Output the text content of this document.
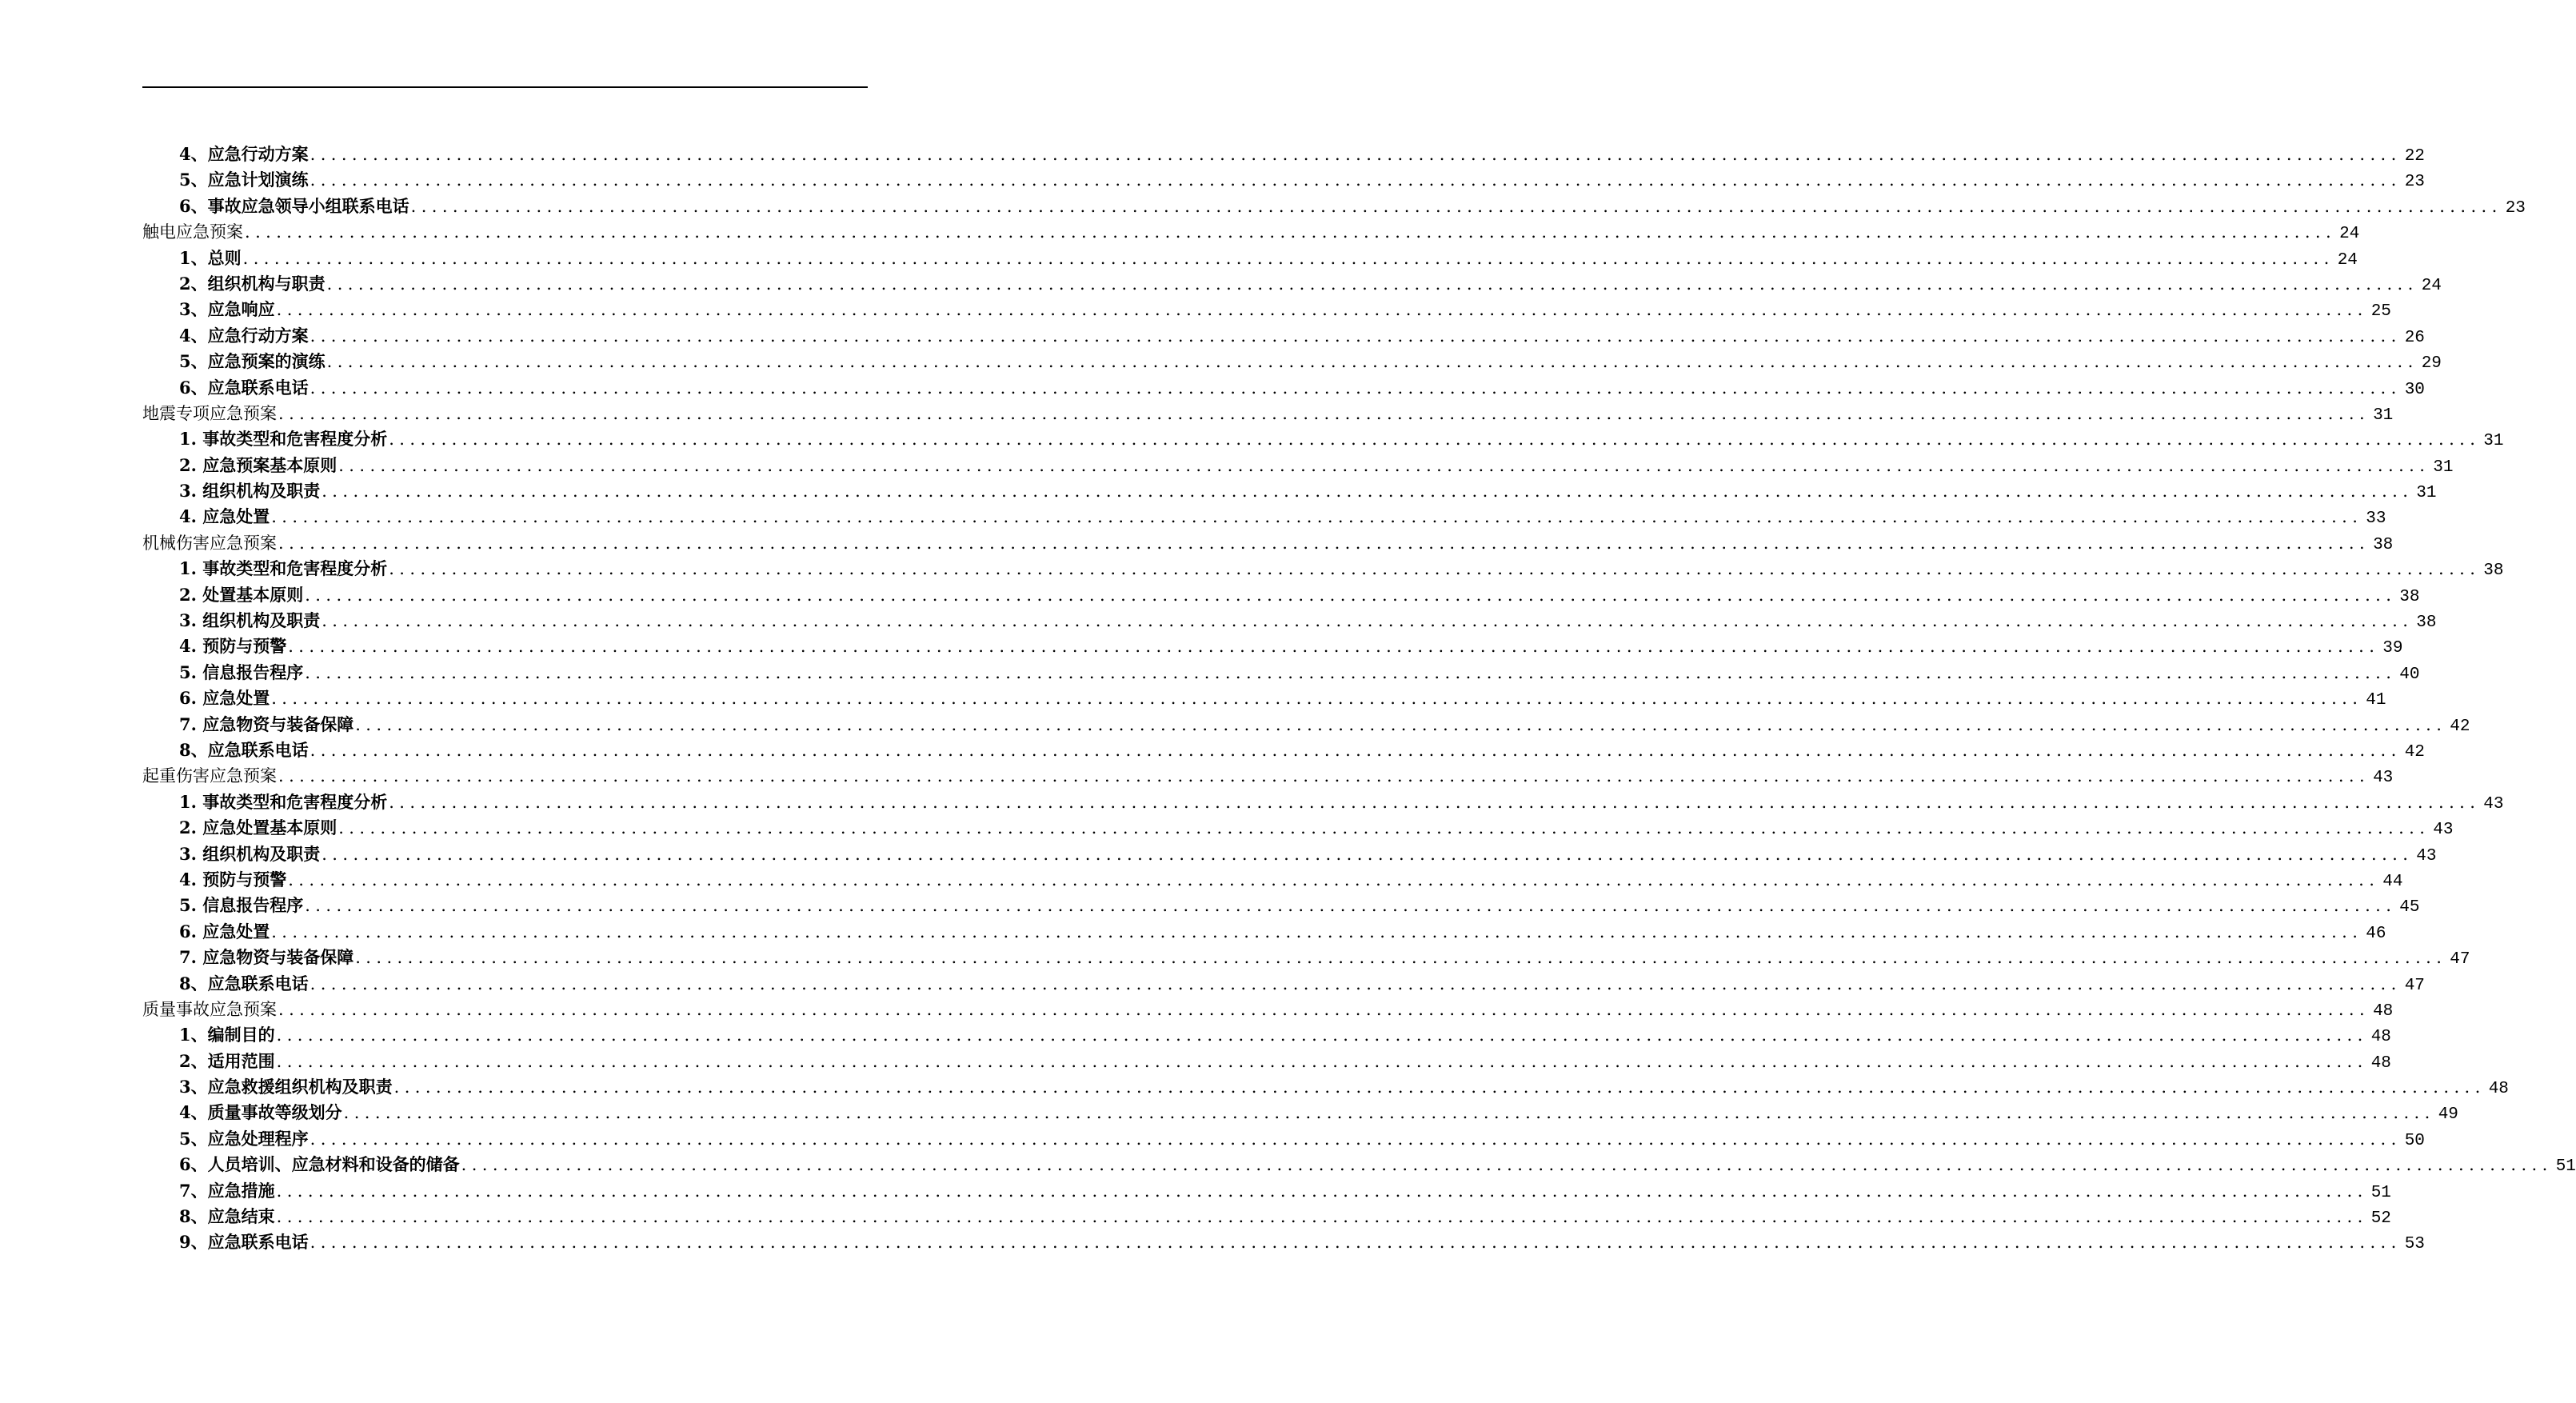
4、应急行动方案 ........................................................................................................................................................................................................ 22
5、应急计划演练 ........................................................................................................................................................................................................ 23
6、事故应急领导小组联系电话 ........................................................................................................................................................................................................ 23
触电应急预案 ........................................................................................................................................................................................................ 24
1、总则 ........................................................................................................................................................................................................ 24
2、组织机构与职责 ........................................................................................................................................................................................................ 24
3、应急响应 ........................................................................................................................................................................................................ 25
4、应急行动方案 ........................................................................................................................................................................................................ 26
5、应急预案的演练 ........................................................................................................................................................................................................ 29
6、应急联系电话 ........................................................................................................................................................................................................ 30
地震专项应急预案 ........................................................................................................................................................................................................ 31
1. 事故类型和危害程度分析 ........................................................................................................................................................................................................ 31
2. 应急预案基本原则 ........................................................................................................................................................................................................ 31
3. 组织机构及职责 ........................................................................................................................................................................................................ 31
4. 应急处置 ........................................................................................................................................................................................................ 33
机械伤害应急预案 ........................................................................................................................................................................................................ 38
1. 事故类型和危害程度分析 ........................................................................................................................................................................................................ 38
2. 处置基本原则 ........................................................................................................................................................................................................ 38
3. 组织机构及职责 ........................................................................................................................................................................................................ 38
4. 预防与预警 ........................................................................................................................................................................................................ 39
5. 信息报告程序 ........................................................................................................................................................................................................ 40
6. 应急处置 ........................................................................................................................................................................................................ 41
7. 应急物资与装备保障 ........................................................................................................................................................................................................ 42
8、应急联系电话 ........................................................................................................................................................................................................ 42
起重伤害应急预案 ........................................................................................................................................................................................................ 43
1. 事故类型和危害程度分析 ........................................................................................................................................................................................................ 43
2. 应急处置基本原则 ........................................................................................................................................................................................................ 43
3. 组织机构及职责 ........................................................................................................................................................................................................ 43
4. 预防与预警 ........................................................................................................................................................................................................ 44
5. 信息报告程序 ........................................................................................................................................................................................................ 45
6. 应急处置 ........................................................................................................................................................................................................ 46
7. 应急物资与装备保障 ........................................................................................................................................................................................................ 47
8、应急联系电话 ........................................................................................................................................................................................................ 47
质量事故应急预案 ........................................................................................................................................................................................................ 48
1、编制目的 ........................................................................................................................................................................................................ 48
2、适用范围 ........................................................................................................................................................................................................ 48
3、应急救援组织机构及职责 ........................................................................................................................................................................................................ 48
4、质量事故等级划分 ........................................................................................................................................................................................................ 49
5、应急处理程序 ........................................................................................................................................................................................................ 50
6、人员培训、应急材料和设备的储备 ........................................................................................................................................................................................................ 51
7、应急措施 ........................................................................................................................................................................................................ 51
8、应急结束 ........................................................................................................................................................................................................ 52
9、应急联系电话 ........................................................................................................................................................................................................ 53
